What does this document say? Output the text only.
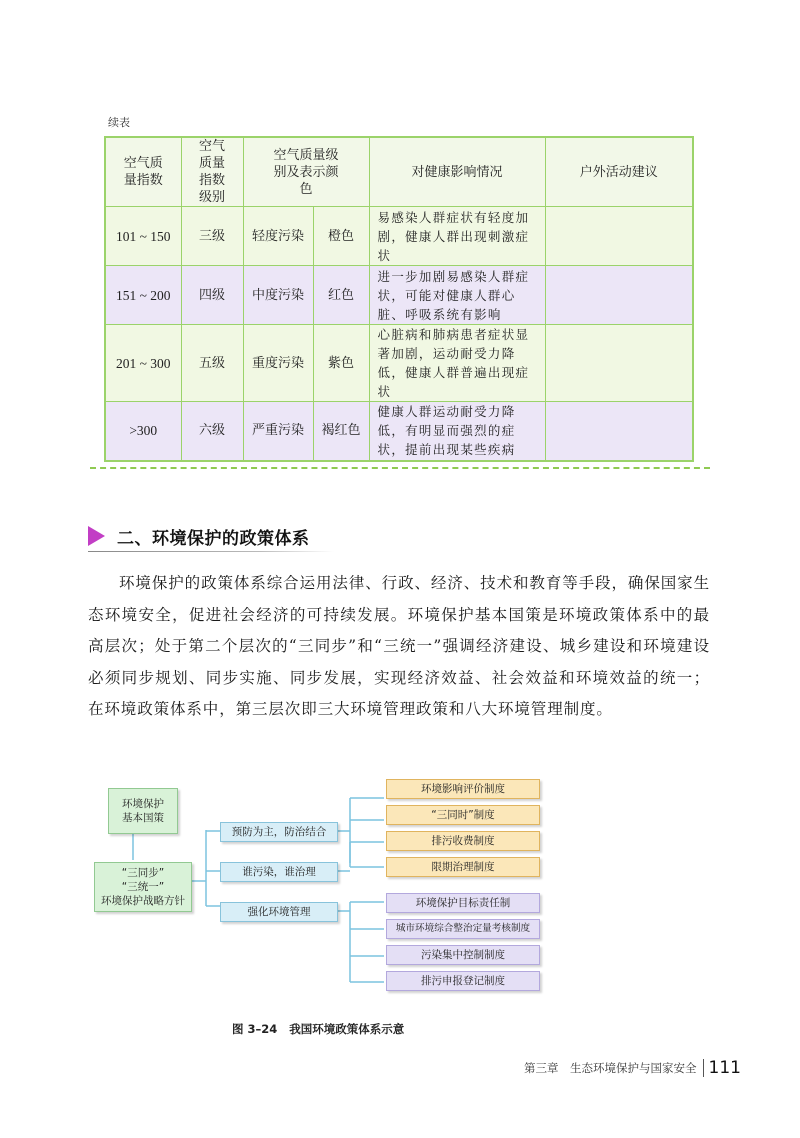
续表
空气质量指数	空气质量指数级别	空气质量级别及表示颜色		对健康影响情况	户外活动建议
101 ~ 150	三级	轻度污染	橙色	易感染人群症状有轻度加剧，健康人群出现刺激症状	
151 ~ 200	四级	中度污染	红色	进一步加剧易感染人群症状，可能对健康人群心脏、呼吸系统有影响	
201 ~ 300	五级	重度污染	紫色	心脏病和肺病患者症状显著加剧，运动耐受力降低，健康人群普遍出现症状	
>300	六级	严重污染	褐红色	健康人群运动耐受力降低，有明显而强烈的症状，提前出现某些疾病	
二、环境保护的政策体系

环境保护的政策体系综合运用法律、行政、经济、技术和教育等手段，确保国家生态环境安全，促进社会经济的可持续发展。环境保护基本国策是环境政策体系中的最高层次；处于第二个层次的“三同步”和“三统一”强调经济建设、城乡建设和环境建设必须同步规划、同步实施、同步发展，实现经济效益、社会效益和环境效益的统一；在环境政策体系中，第三层次即三大环境管理政策和八大环境管理制度。

环境保护
基本国策
“三同步”
“三统一”
环境保护战略方针
预防为主，防治结合
谁污染，谁治理
强化环境管理
环境影响评价制度
“三同时”制度
排污收费制度
限期治理制度
环境保护目标责任制
城市环境综合整治定量考核制度
污染集中控制制度
排污申报登记制度
图 3–24 我国环境政策体系示意
第三章　生态环境保护与国家安全 111
